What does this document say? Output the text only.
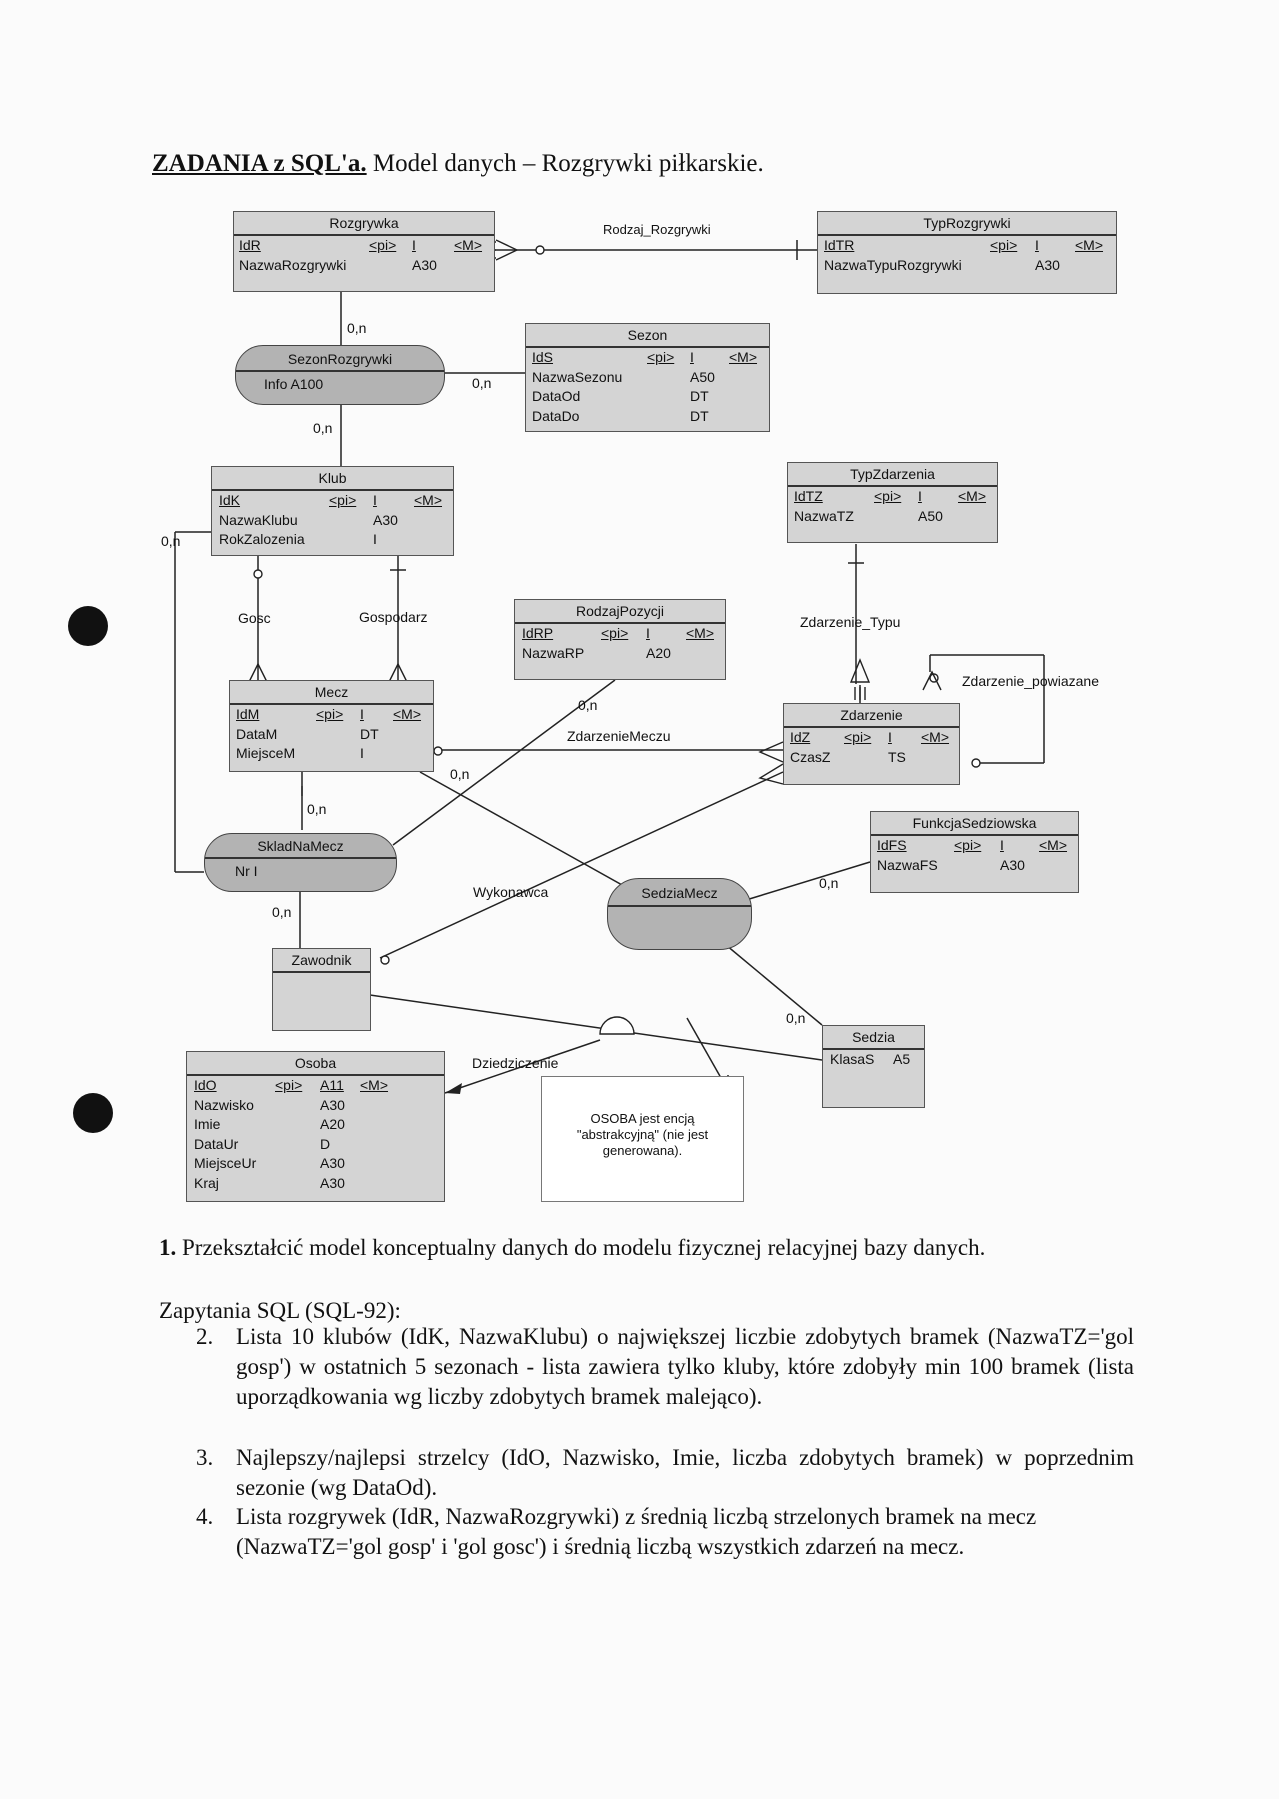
ZADANIA z SQL'a. Model danych – Rozgrywki piłkarskie.
Rozgrywka
IdR	<pi> I	<M>
NazwaRozgrywki	A30
TypRozgrywki
IdTR	<pi> I	<M>
NazwaTypuRozgrywki	A30
Sezon
IdS	<pi> I	<M>
NazwaSezonu	A50
DataOd	DT
DataDo	DT
Klub
IdK	<pi> I	<M>
NazwaKlubu	A30
RokZalozenia	I
TypZdarzenia
IdTZ	<pi> I	<M>
NazwaTZ	A50
RodzajPozycji
IdRP	<pi> I	<M>
NazwaRP	A20
Mecz
IdM	<pi> I <M>
DataM	DT
MiejsceM	I
Zdarzenie
IdZ <pi> I <M>
CzasZ	TS
FunkcjaSedziowska
IdFS	<pi> I	<M>
NazwaFS	A30
Zawodnik
Sedzia
KlasaS A5
Osoba
IdO	<pi> A11 <M>
Nazwisko	A30
Imie	A20
DataUr	D
MiejsceUr	A30
Kraj	A30
SezonRozgrywki
Info A100
SkladNaMecz
Nr I
SedziaMecz
Rodzaj_Rozgrywki
0,n
0,n
0,n
0,n
Gosc	Gospodarz	Zdarzenie_Typu
Zdarzenie_powiazane
0,n
ZdarzenieMeczu
0,n
0,n
0,n
Wykonawca
0,n
0,n
Dziedziczenie
OSOBA jest encją "abstrakcyjną" (nie jest generowana).
1. Przekształcić model konceptualny danych do modelu fizycznej relacyjnej bazy danych.
Zapytania SQL (SQL-92):
2. Lista 10 klubów (IdK, NazwaKlubu) o największej liczbie zdobytych bramek (NazwaTZ='gol gosp') w ostatnich 5 sezonach - lista zawiera tylko kluby, które zdobyły min 100 bramek (lista uporządkowania wg liczby zdobytych bramek malejąco).
3. Najlepszy/najlepsi strzelcy (IdO, Nazwisko, Imie, liczba zdobytych bramek) w poprzednim sezonie (wg DataOd).
4. Lista rozgrywek (IdR, NazwaRozgrywki) z średnią liczbą strzelonych bramek na mecz (NazwaTZ='gol gosp' i 'gol gosc') i średnią liczbą wszystkich zdarzeń na mecz.
